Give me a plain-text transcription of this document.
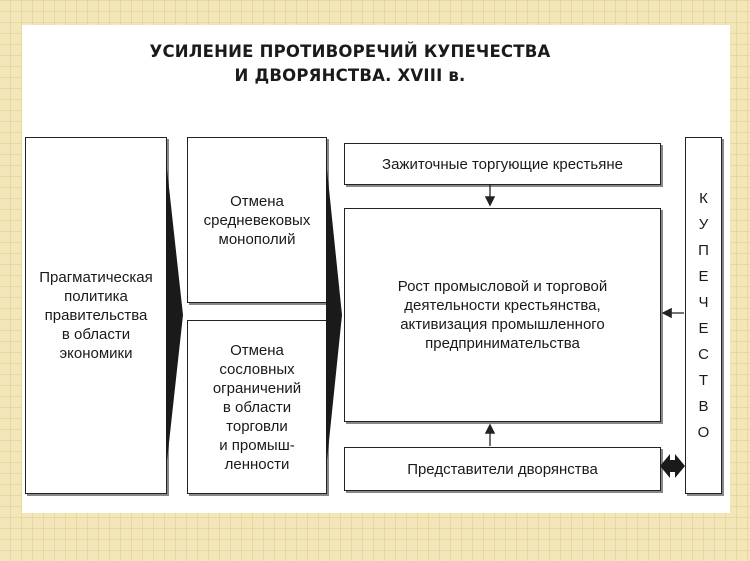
УСИЛЕНИЕ ПРОТИВОРЕЧИЙ КУПЕЧЕСТВА
И ДВОРЯНСТВА. XVIII в.
Прагматическая
политика
правительства
в области
экономики
Отмена
средневековых
монополий
Отмена
сословных
ограничений
в области
торговли
и промыш-
ленности
Зажиточные торгующие крестьяне
Рост промысловой и торговой
деятельности крестьянства,
активизация промышленного
предпринимательства
Представители дворянства
К
У
П
Е
Ч
Е
С
Т
В
О
